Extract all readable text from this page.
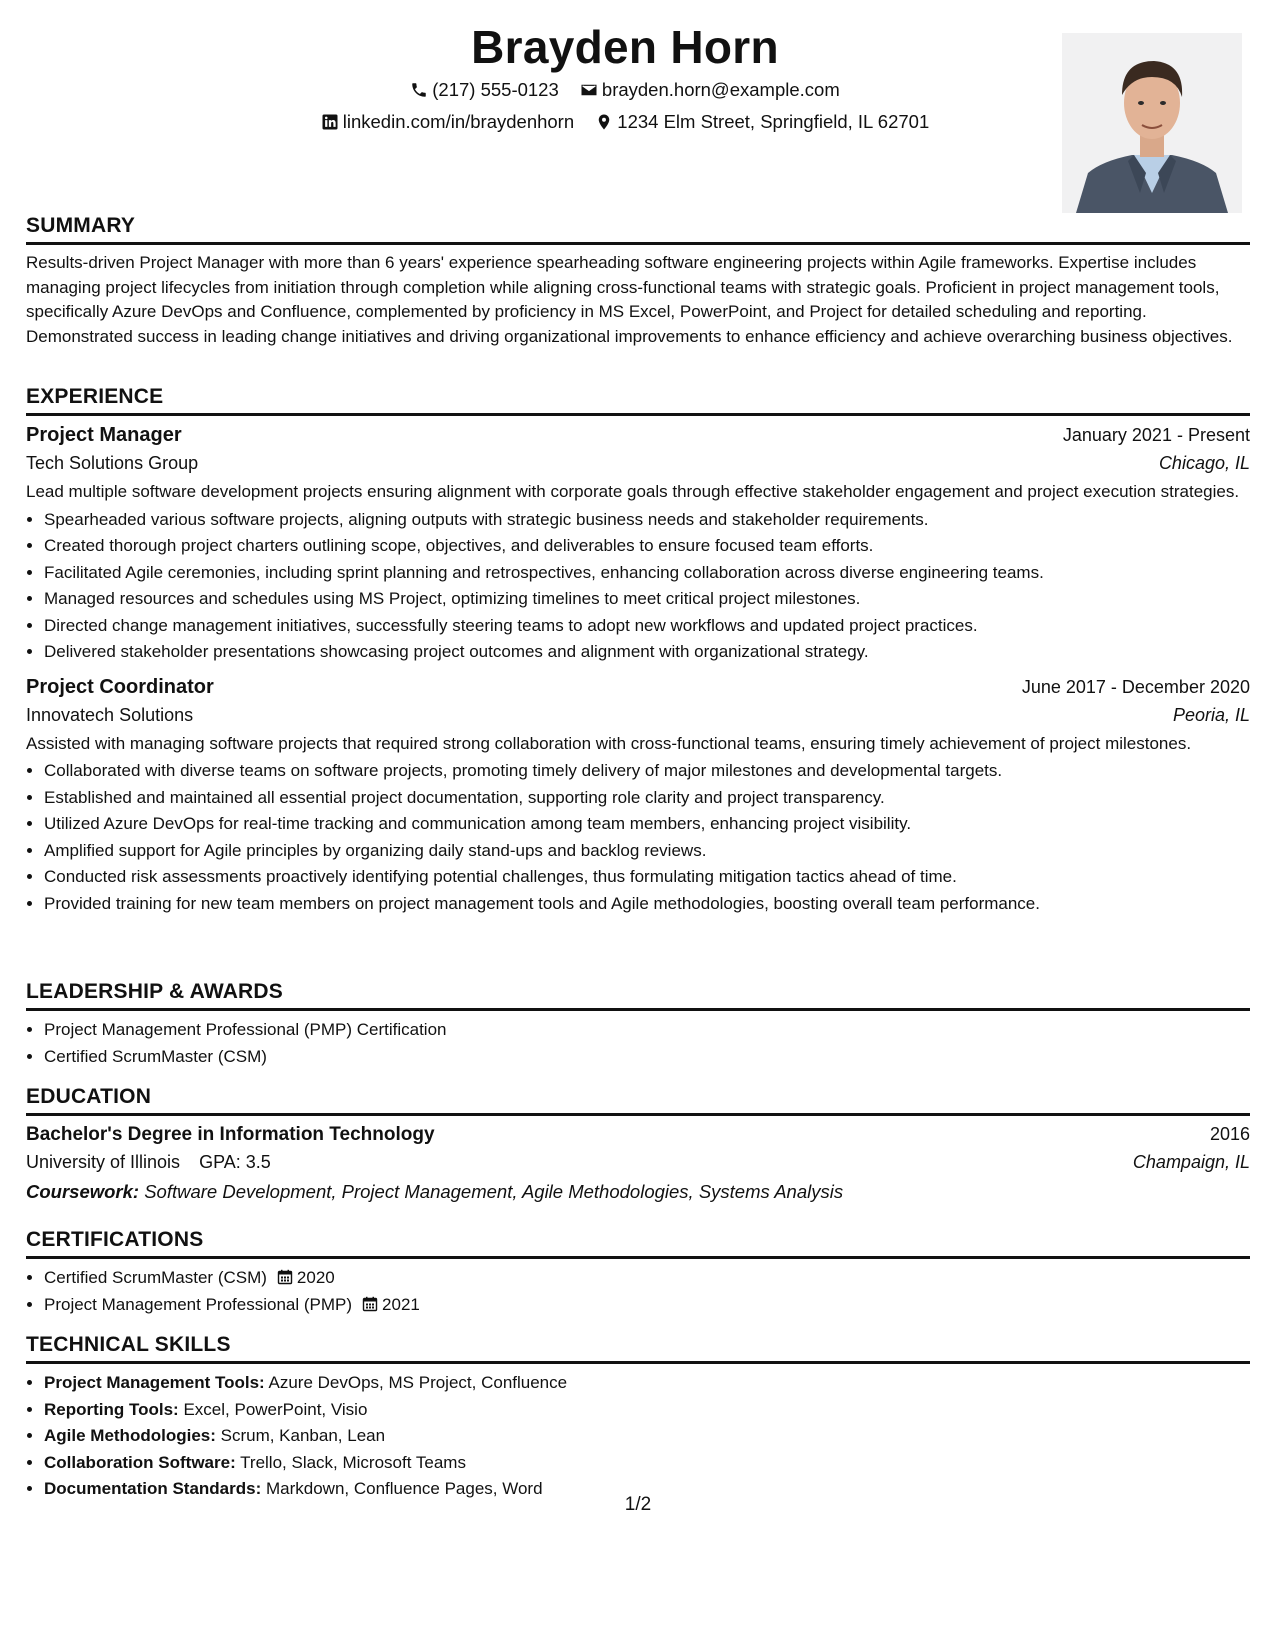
Brayden Horn
(217) 555-0123
brayden.horn@example.com
linkedin.com/in/braydenhorn
1234 Elm Street, Springfield, IL 62701
SUMMARY

Results-driven Project Manager with more than 6 years' experience spearheading software engineering projects within Agile frameworks. Expertise includes managing project lifecycles from initiation through completion while aligning cross-functional teams with strategic goals. Proficient in project management tools, specifically Azure DevOps and Confluence, complemented by proficiency in MS Excel, PowerPoint, and Project for detailed scheduling and reporting. Demonstrated success in leading change initiatives and driving organizational improvements to enhance efficiency and achieve overarching business objectives.

EXPERIENCE
Project Manager	January 2021 - Present
Tech Solutions Group	Chicago, IL

Lead multiple software development projects ensuring alignment with corporate goals through effective stakeholder engagement and project execution strategies.

• Spearheaded various software projects, aligning outputs with strategic business needs and stakeholder requirements.
• Created thorough project charters outlining scope, objectives, and deliverables to ensure focused team efforts.
• Facilitated Agile ceremonies, including sprint planning and retrospectives, enhancing collaboration across diverse engineering teams.
• Managed resources and schedules using MS Project, optimizing timelines to meet critical project milestones.
• Directed change management initiatives, successfully steering teams to adopt new workflows and updated project practices.
• Delivered stakeholder presentations showcasing project outcomes and alignment with organizational strategy.
Project Coordinator	June 2017 - December 2020
Innovatech Solutions	Peoria, IL

Assisted with managing software projects that required strong collaboration with cross-functional teams, ensuring timely achievement of project milestones.

• Collaborated with diverse teams on software projects, promoting timely delivery of major milestones and developmental targets.
• Established and maintained all essential project documentation, supporting role clarity and project transparency.
• Utilized Azure DevOps for real-time tracking and communication among team members, enhancing project visibility.
• Amplified support for Agile principles by organizing daily stand-ups and backlog reviews.
• Conducted risk assessments proactively identifying potential challenges, thus formulating mitigation tactics ahead of time.
• Provided training for new team members on project management tools and Agile methodologies, boosting overall team performance.
LEADERSHIP & AWARDS
• Project Management Professional (PMP) Certification
• Certified ScrumMaster (CSM)
EDUCATION
Bachelor's Degree in Information Technology	2016
University of Illinois GPA: 3.5	Champaign, IL
Coursework: Software Development, Project Management, Agile Methodologies, Systems Analysis
CERTIFICATIONS
• Certified ScrumMaster (CSM) 2020
• Project Management Professional (PMP) 2021
TECHNICAL SKILLS
• Project Management Tools: Azure DevOps, MS Project, Confluence
• Reporting Tools: Excel, PowerPoint, Visio
• Agile Methodologies: Scrum, Kanban, Lean
• Collaboration Software: Trello, Slack, Microsoft Teams
• Documentation Standards: Markdown, Confluence Pages, Word
1/2
